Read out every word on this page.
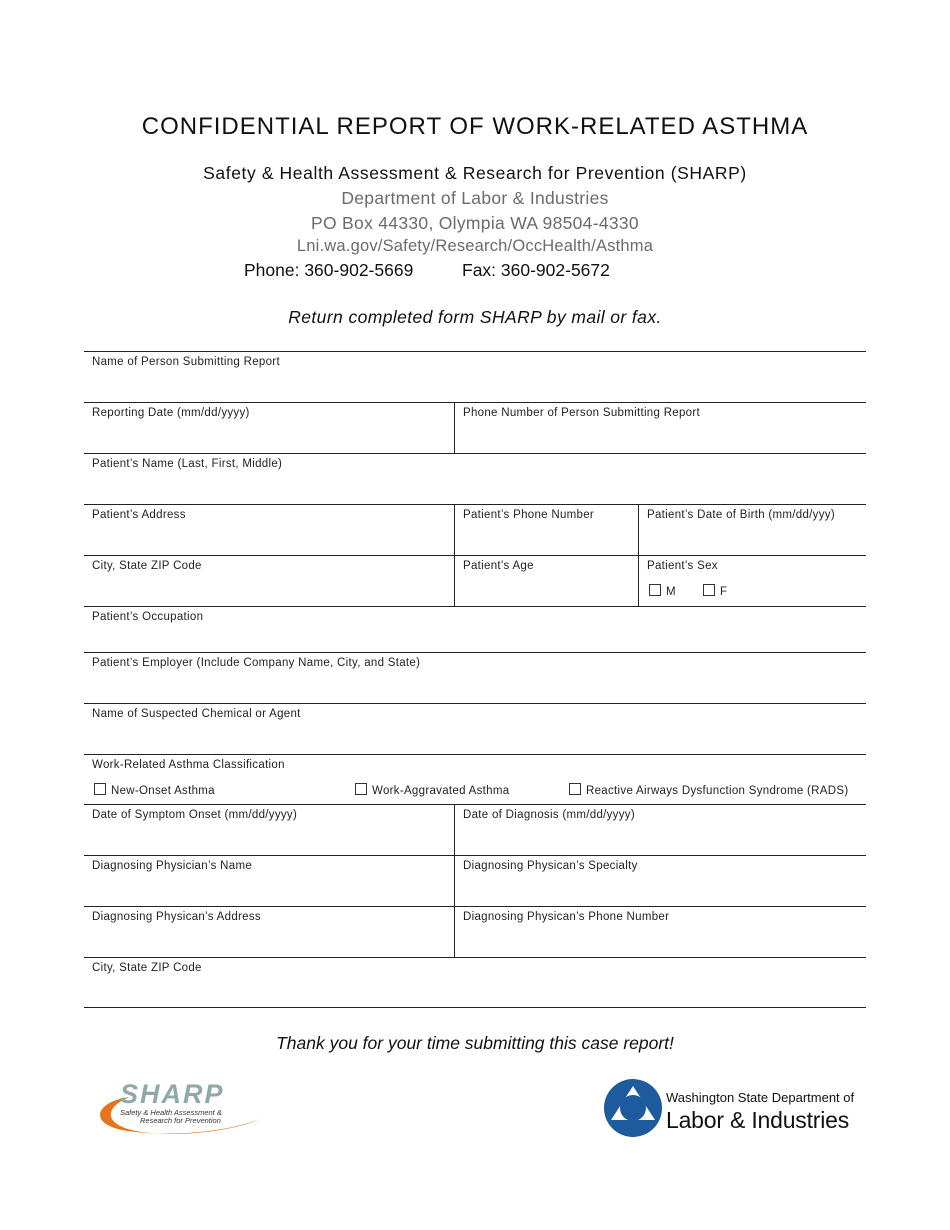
CONFIDENTIAL REPORT OF WORK-RELATED ASTHMA
Safety & Health Assessment & Research for Prevention (SHARP)
Department of Labor & Industries
PO Box 44330, Olympia WA 98504-4330
Lni.wa.gov/Safety/Research/OccHealth/Asthma
Phone: 360-902-5669	Fax: 360-902-5672
Return completed form SHARP by mail or fax.
Name of Person Submitting Report
Reporting Date (mm/dd/yyyy)	Phone Number of Person Submitting Report
Patient’s Name (Last, First, Middle)
Patient’s Address	Patient’s Phone Number	Patient’s Date of Birth (mm/dd/yyy)
City, State ZIP Code	Patient’s Age	Patient’s Sex
M	F
Patient’s Occupation
Patient’s Employer (Include Company Name, City, and State)
Name of Suspected Chemical or Agent
Work-Related Asthma Classification
New-Onset Asthma	Work-Aggravated Asthma	Reactive Airways Dysfunction Syndrome (RADS)
Date of Symptom Onset (mm/dd/yyyy)	Date of Diagnosis (mm/dd/yyyy)
Diagnosing Physician’s Name	Diagnosing Physican’s Specialty
Diagnosing Physican’s Address	Diagnosing Physican’s Phone Number
City, State ZIP Code
Thank you for your time submitting this case report!
SHARP
Safety & Health Assessment &
Research for Prevention
Washington State Department of
Labor & Industries
